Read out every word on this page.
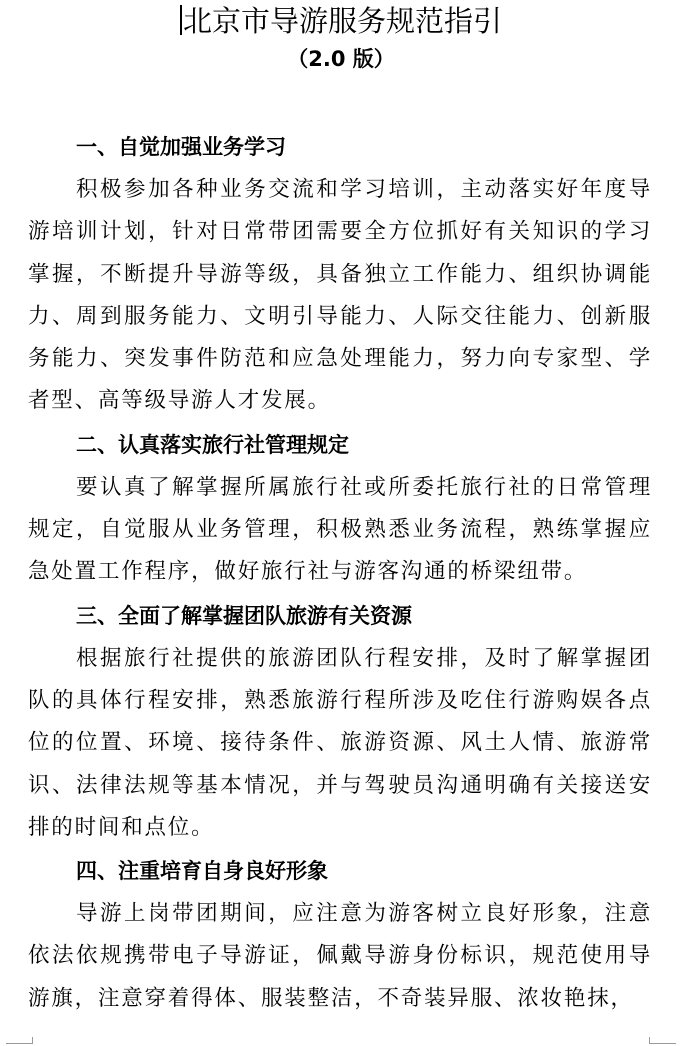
北京市导游服务规范指引
（2.0 版）
一、自觉加强业务学习

积极参加各种业务交流和学习培训，主动落实好年度导游培训计划，针对日常带团需要全方位抓好有关知识的学习掌握，不断提升导游等级，具备独立工作能力、组织协调能力、周到服务能力、文明引导能力、人际交往能力、创新服务能力、突发事件防范和应急处理能力，努力向专家型、学者型、高等级导游人才发展。

二、认真落实旅行社管理规定

要认真了解掌握所属旅行社或所委托旅行社的日常管理规定，自觉服从业务管理，积极熟悉业务流程，熟练掌握应急处置工作程序，做好旅行社与游客沟通的桥梁纽带。

三、全面了解掌握团队旅游有关资源

根据旅行社提供的旅游团队行程安排，及时了解掌握团队的具体行程安排，熟悉旅游行程所涉及吃住行游购娱各点位的位置、环境、接待条件、旅游资源、风土人情、旅游常识、法律法规等基本情况，并与驾驶员沟通明确有关接送安排的时间和点位。

四、注重培育自身良好形象

导游上岗带团期间，应注意为游客树立良好形象，注意依法依规携带电子导游证，佩戴导游身份标识，规范使用导游旗，注意穿着得体、服装整洁，不奇装异服、浓妆艳抹，
